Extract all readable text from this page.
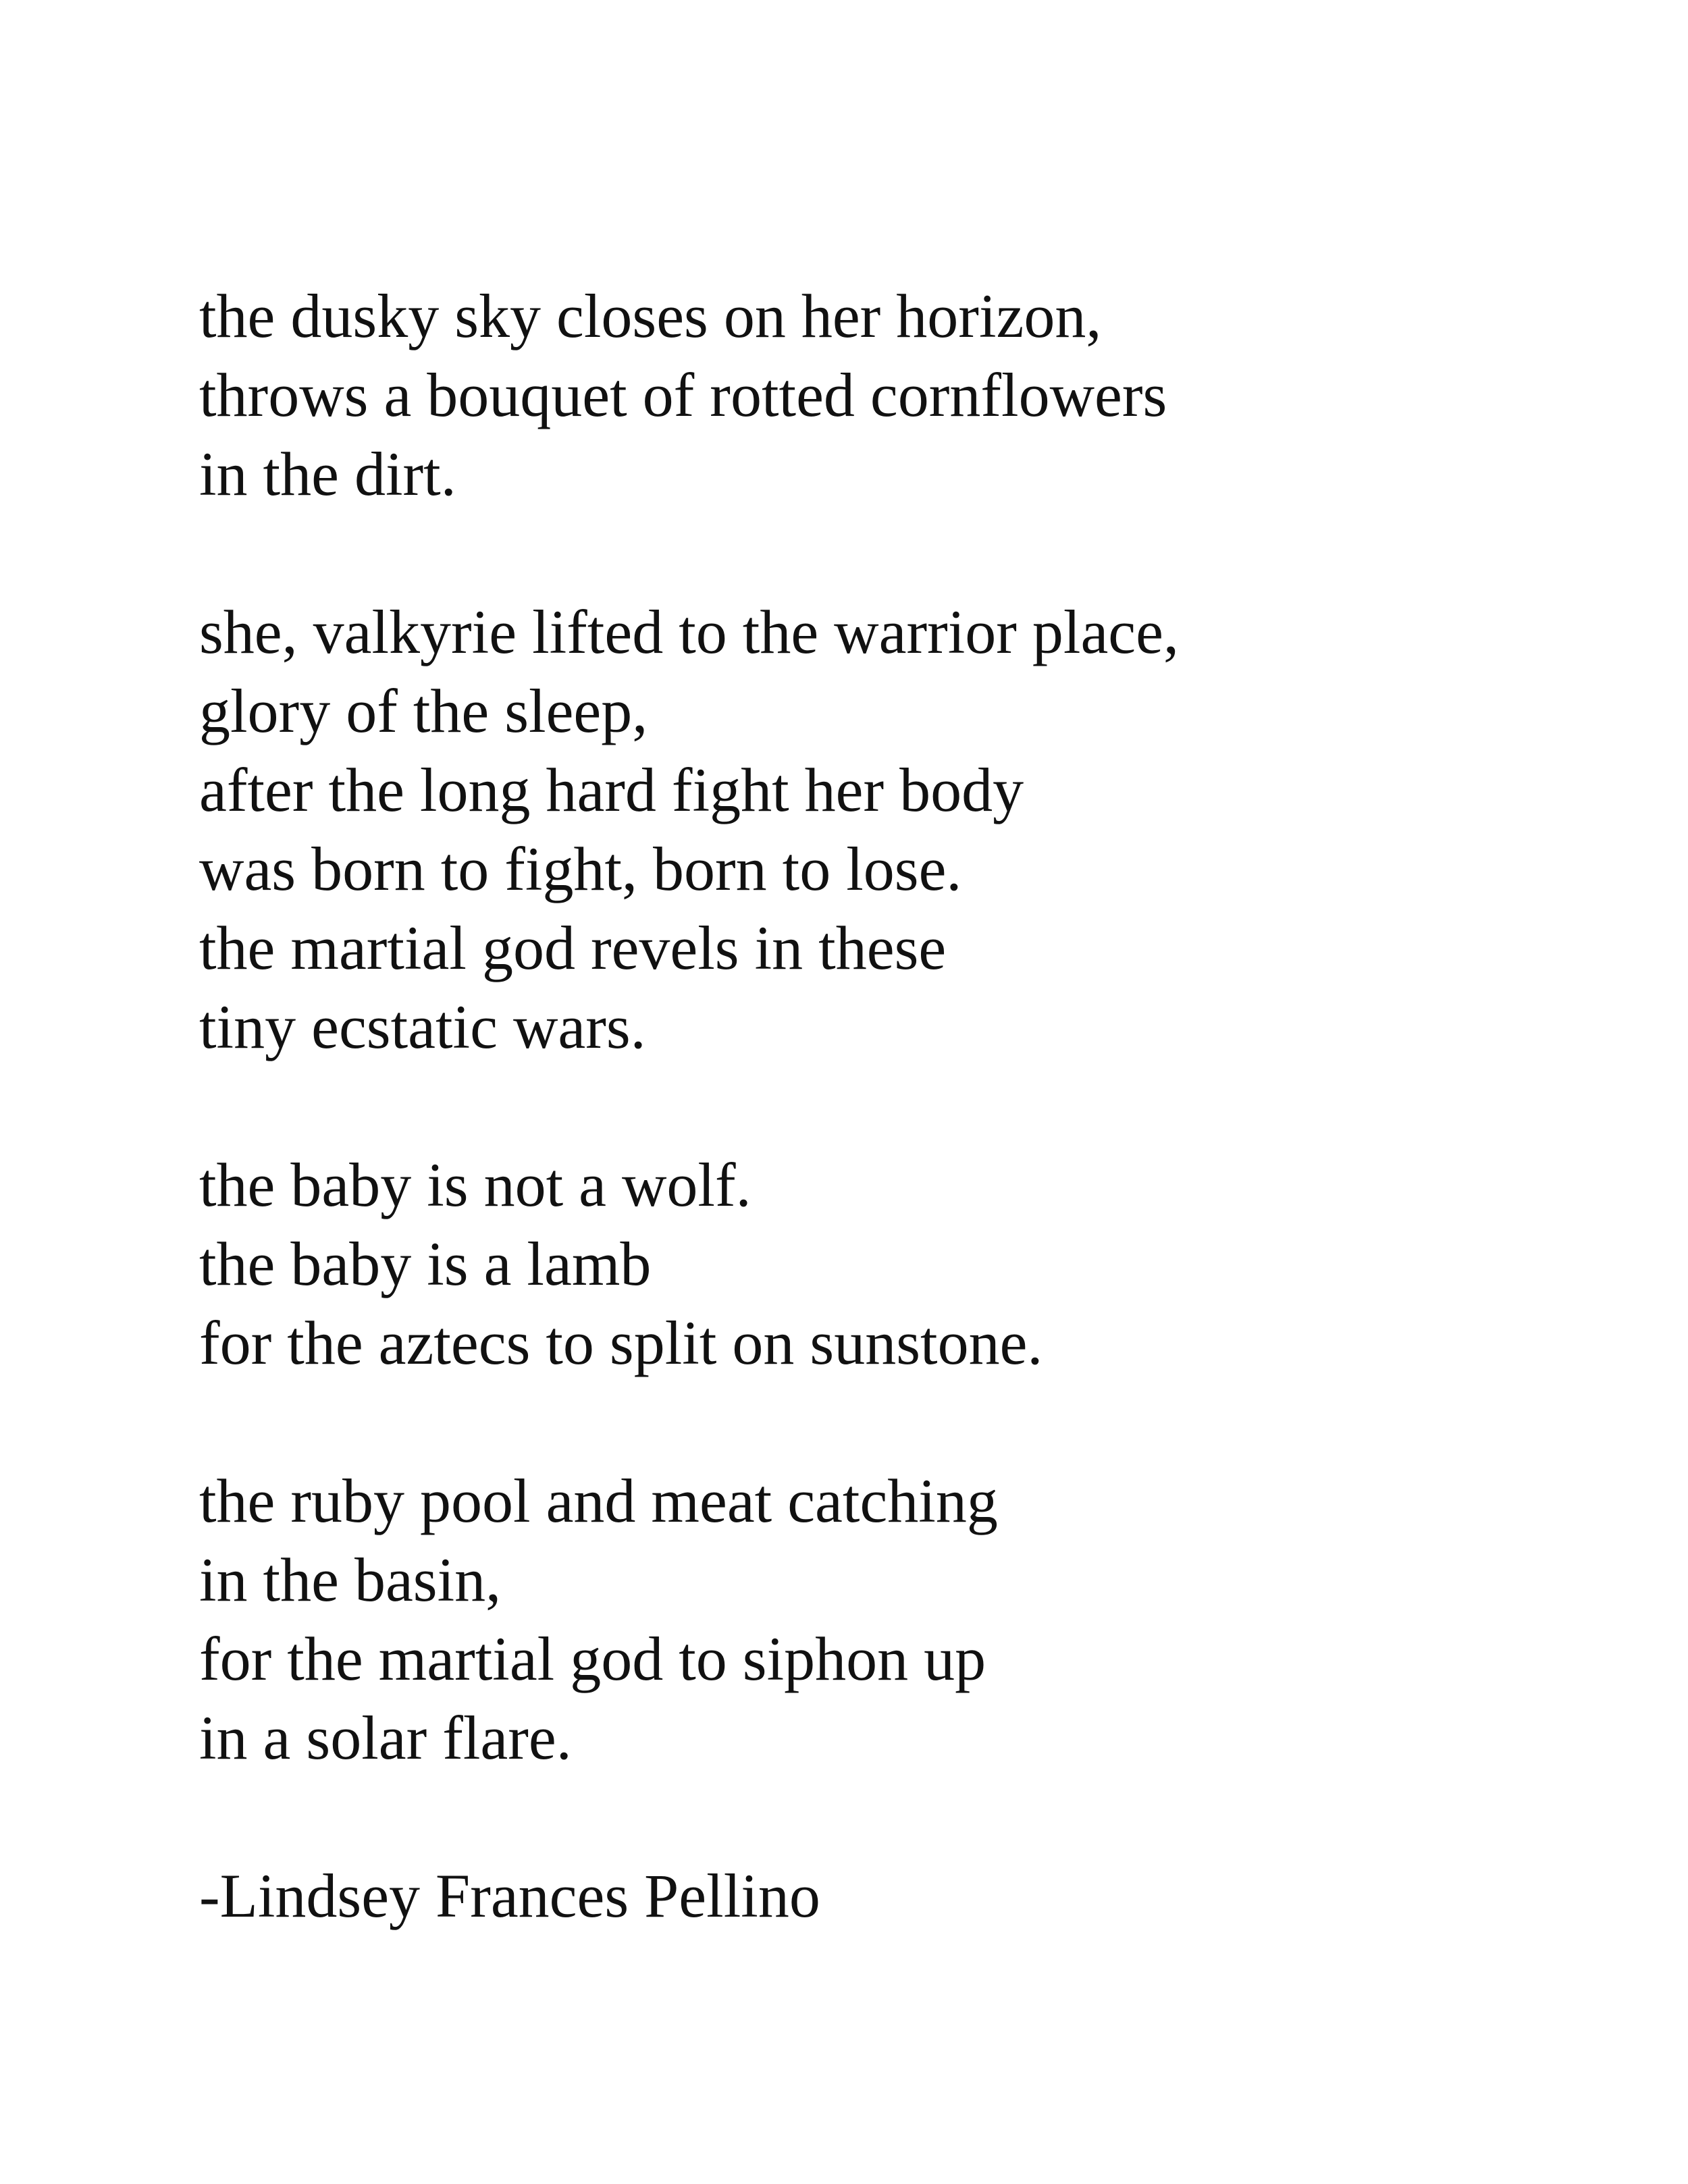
the dusky sky closes on her horizon,
throws a bouquet of rotted cornflowers
in the dirt.
she, valkyrie lifted to the warrior place,
glory of the sleep,
after the long hard fight her body
was born to fight, born to lose.
the martial god revels in these
tiny ecstatic wars.
the baby is not a wolf.
the baby is a lamb
for the aztecs to split on sunstone.
the ruby pool and meat catching
in the basin,
for the martial god to siphon up
in a solar flare.
-Lindsey Frances Pellino
